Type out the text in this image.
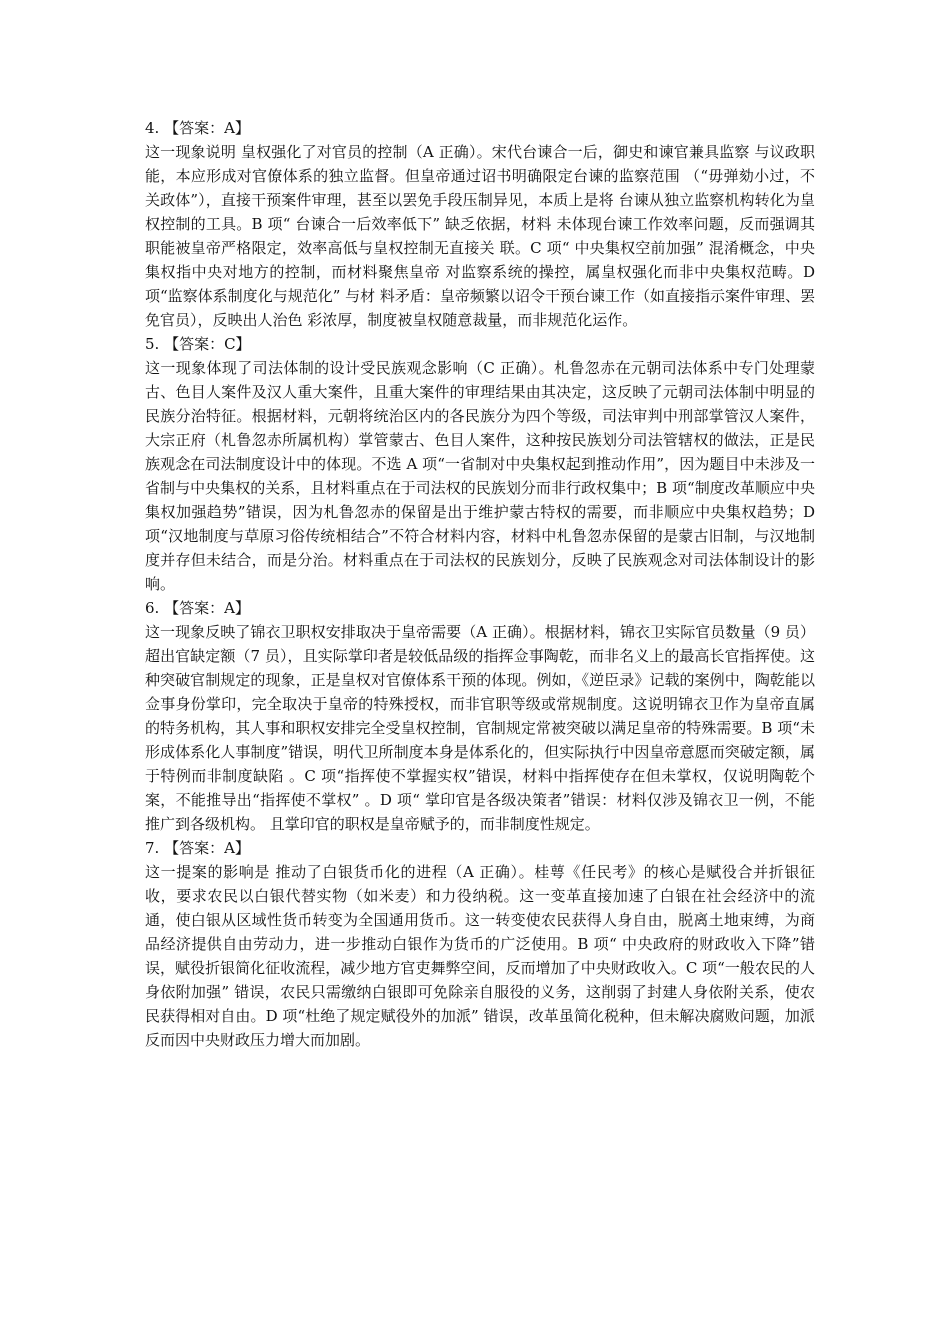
4. 【答案：A】

这一现象说明 皇权强化了对官员的控制（A 正确）。宋代台谏合一后，御史和谏官兼具监察 与议政职能，本应形成对官僚体系的独立监督。但皇帝通过诏书明确限定台谏的监察范围 （“毋弹劾小过，不关政体”），直接干预案件审理，甚至以罢免手段压制异见，本质上是将 台谏从独立监察机构转化为皇权控制的工具。B 项“ 台谏合一后效率低下” 缺乏依据，材料 未体现台谏工作效率问题，反而强调其职能被皇帝严格限定，效率高低与皇权控制无直接关 联。C 项“ 中央集权空前加强” 混淆概念，中央集权指中央对地方的控制，而材料聚焦皇帝 对监察系统的操控，属皇权强化而非中央集权范畴。D 项“监察体系制度化与规范化” 与材 料矛盾：皇帝频繁以诏令干预台谏工作（如直接指示案件审理、罢免官员），反映出人治色 彩浓厚，制度被皇权随意裁量，而非规范化运作。

5. 【答案：C】

这一现象体现了司法体制的设计受民族观念影响（C 正确）。札鲁忽赤在元朝司法体系中专门处理蒙古、色目人案件及汉人重大案件，且重大案件的审理结果由其决定，这反映了元朝司法体制中明显的民族分治特征。根据材料，元朝将统治区内的各民族分为四个等级，司法审判中刑部掌管汉人案件，大宗正府（札鲁忽赤所属机构）掌管蒙古、色目人案件，这种按民族划分司法管辖权的做法，正是民族观念在司法制度设计中的体现。不选 A 项“一省制对中央集权起到推动作用”，因为题目中未涉及一省制与中央集权的关系，且材料重点在于司法权的民族划分而非行政权集中；B 项“制度改革顺应中央集权加强趋势”错误，因为札鲁忽赤的保留是出于维护蒙古特权的需要，而非顺应中央集权趋势；D 项“汉地制度与草原习俗传统相结合”不符合材料内容，材料中札鲁忽赤保留的是蒙古旧制，与汉地制度并存但未结合，而是分治。材料重点在于司法权的民族划分，反映了民族观念对司法体制设计的影响。

6. 【答案：A】

这一现象反映了锦衣卫职权安排取决于皇帝需要（A 正确）。根据材料，锦衣卫实际官员数量（9 员）超出官缺定额（7 员），且实际掌印者是较低品级的指挥佥事陶乾，而非名义上的最高长官指挥使。这种突破官制规定的现象，正是皇权对官僚体系干预的体现。例如，《逆臣录》记载的案例中，陶乾能以佥事身份掌印，完全取决于皇帝的特殊授权，而非官职等级或常规制度。这说明锦衣卫作为皇帝直属的特务机构，其人事和职权安排完全受皇权控制，官制规定常被突破以满足皇帝的特殊需要。B 项“未形成体系化人事制度”错误，明代卫所制度本身是体系化的，但实际执行中因皇帝意愿而突破定额，属于特例而非制度缺陷 。C 项“指挥使不掌握实权”错误，材料中指挥使存在但未掌权，仅说明陶乾个案，不能推导出“指挥使不掌权” 。D 项“ 掌印官是各级决策者”错误：材料仅涉及锦衣卫一例，不能推广到各级机构。 且掌印官的职权是皇帝赋予的，而非制度性规定。

7. 【答案：A】

这一提案的影响是 推动了白银货币化的进程（A 正确）。桂萼《任民考》的核心是赋役合并折银征收，要求农民以白银代替实物（如米麦）和力役纳税。这一变革直接加速了白银在社会经济中的流通，使白银从区域性货币转变为全国通用货币。这一转变使农民获得人身自由，脱离土地束缚，为商品经济提供自由劳动力，进一步推动白银作为货币的广泛使用。B 项“ 中央政府的财政收入下降”错误，赋役折银简化征收流程，减少地方官吏舞弊空间，反而增加了中央财政收入。C 项“一般农民的人身依附加强” 错误，农民只需缴纳白银即可免除亲自服役的义务，这削弱了封建人身依附关系，使农民获得相对自由。D 项“杜绝了规定赋役外的加派” 错误，改革虽简化税种，但未解决腐败问题，加派反而因中央财政压力增大而加剧。
